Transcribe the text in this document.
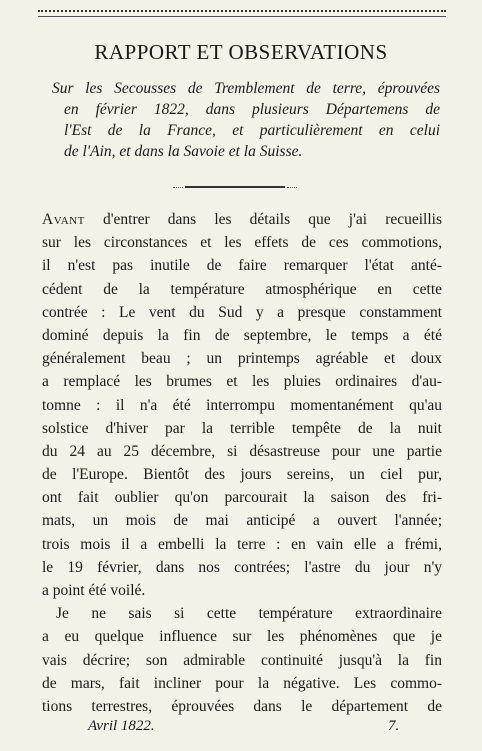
RAPPORT ET OBSERVATIONS
Sur les Secousses de Tremblement de terre, éprouvées
en février 1822, dans plusieurs Départemens de
l'Est de la France, et particulièrement en celui
de l'Ain, et dans la Savoie et la Suisse.
Avant d'entrer dans les détails que j'ai recueillis
sur les circonstances et les effets de ces commotions,
il n'est pas inutile de faire remarquer l'état anté-
cédent de la température atmosphérique en cette
contrée : Le vent du Sud y a presque constamment
dominé depuis la fin de septembre, le temps a été
généralement beau ; un printemps agréable et doux
a remplacé les brumes et les pluies ordinaires d'au-
tomne : il n'a été interrompu momentanément qu'au
solstice d'hiver par la terrible tempête de la nuit
du 24 au 25 décembre, si désastreuse pour une partie
de l'Europe. Bientôt des jours sereins, un ciel pur,
ont fait oublier qu'on parcourait la saison des fri-
mats, un mois de mai anticipé a ouvert l'année;
trois mois il a embelli la terre : en vain elle a frémi,
le 19 février, dans nos contrées; l'astre du jour n'y
a point été voilé.
Je ne sais si cette température extraordinaire
a eu quelque influence sur les phénomènes que je
vais décrire; son admirable continuité jusqu'à la fin
de mars, fait incliner pour la négative. Les commo-
tions terrestres, éprouvées dans le département de
Avril 1822.	7.
